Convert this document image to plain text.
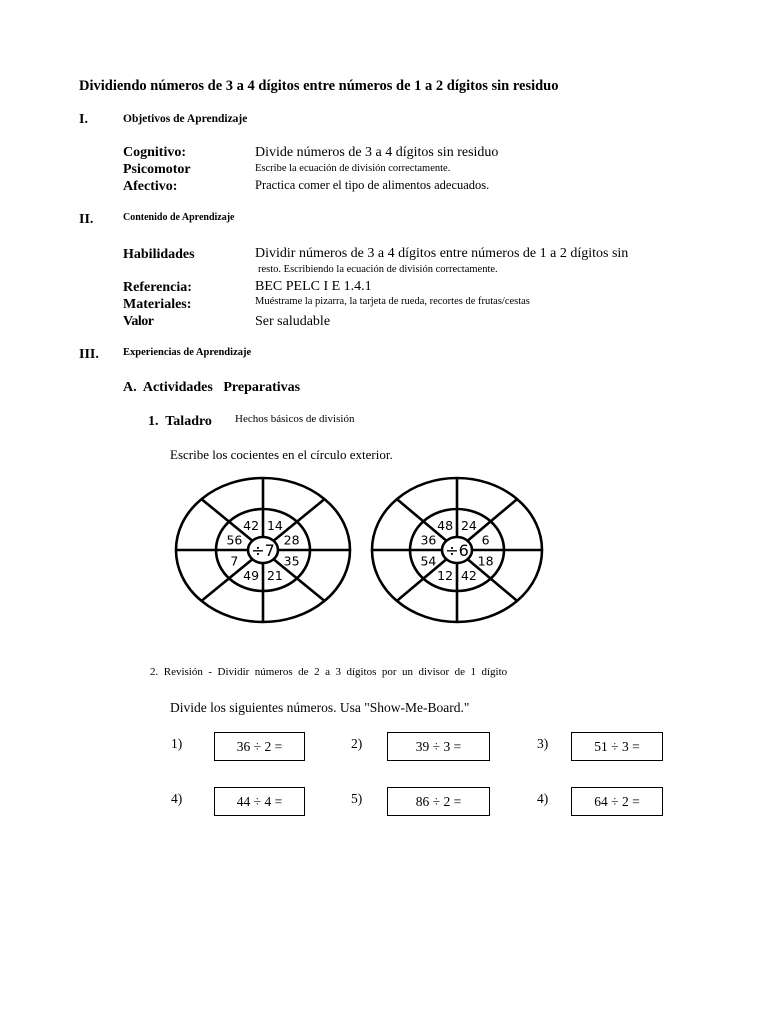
Dividiendo números de 3 a 4 dígitos entre números de 1 a 2 dígitos sin residuo
I.	Objetivos de Aprendizaje
Cognitivo:	Divide números de 3 a 4 dígitos sin residuo
Psicomotor	Escribe la ecuación de división correctamente.
Afectivo:	Practica comer el tipo de alimentos adecuados.
II.	Contenido de Aprendizaje
Habilidades	Dividir números de 3 a 4 dígitos entre números de 1 a 2 dígitos sin
resto. Escribiendo la ecuación de división correctamente.
Referencia:	BEC PELC I E 1.4.1
Materiales:	Muéstrame la pizarra, la tarjeta de rueda, recortes de frutas/cestas
Valor	Ser saludable
III. Experiencias de Aprendizaje
A.  Actividades   Preparativas
1.  Taladro Hechos básicos de división
Escribe los cocientes en el círculo exterior.
÷7
14
28
35
21
49
7
56
42
÷6
24
6
18
42
12
54
36
48
2.  Revisión  -  Dividir  números  de  2  a  3  dígitos  por  un  divisor  de  1  dígito
Divide los siguientes números. Usa "Show-Me-Board."
1)	36 ÷ 2 =	2)	39 ÷ 3 =	3)	51 ÷ 3 =
4)	44 ÷ 4 =	5)	86 ÷ 2 =	4)	64 ÷ 2 =
